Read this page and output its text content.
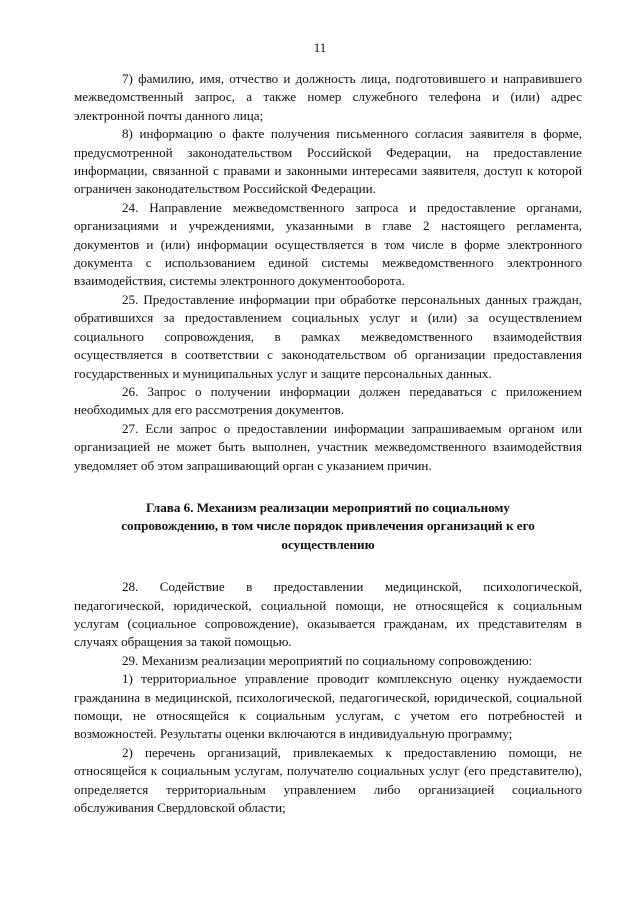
11

7) фамилию, имя, отчество и должность лица, подготовившего и направившего межведомственный запрос, а также номер служебного телефона и (или) адрес электронной почты данного лица;

8) информацию о факте получения письменного согласия заявителя в форме, предусмотренной законодательством Российской Федерации, на предоставление информации, связанной с правами и законными интересами заявителя, доступ к которой ограничен законодательством Российской Федерации.

24. Направление межведомственного запроса и предоставление органами, организациями и учреждениями, указанными в главе 2 настоящего регламента, документов и (или) информации осуществляется в том числе в форме электронного документа с использованием единой системы межведомственного электронного взаимодействия, системы электронного документооборота.

25. Предоставление информации при обработке персональных данных граждан, обратившихся за предоставлением социальных услуг и (или) за осуществлением социального сопровождения, в рамках межведомственного взаимодействия осуществляется в соответствии с законодательством об организации предоставления государственных и муниципальных услуг и защите персональных данных.

26. Запрос о получении информации должен передаваться с приложением необходимых для его рассмотрения документов.

27. Если запрос о предоставлении информации запрашиваемым органом или организацией не может быть выполнен, участник межведомственного взаимодействия уведомляет об этом запрашивающий орган с указанием причин.

Глава 6. Механизм реализации мероприятий по социальному
сопровождению, в том числе порядок привлечения организаций к его
осуществлению

28. Содействие в предоставлении медицинской, психологической, педагогической, юридической, социальной помощи, не относящейся к социальным услугам (социальное сопровождение), оказывается гражданам, их представителям в случаях обращения за такой помощью.

29. Механизм реализации мероприятий по социальному сопровождению:

1) территориальное управление проводит комплексную оценку нуждаемости гражданина в медицинской, психологической, педагогической, юридической, социальной помощи, не относящейся к социальным услугам, с учетом его потребностей и возможностей. Результаты оценки включаются в индивидуальную программу;

2) перечень организаций, привлекаемых к предоставлению помощи, не относящейся к социальным услугам, получателю социальных услуг (его представителю), определяется территориальным управлением либо организацией социального обслуживания Свердловской области;
